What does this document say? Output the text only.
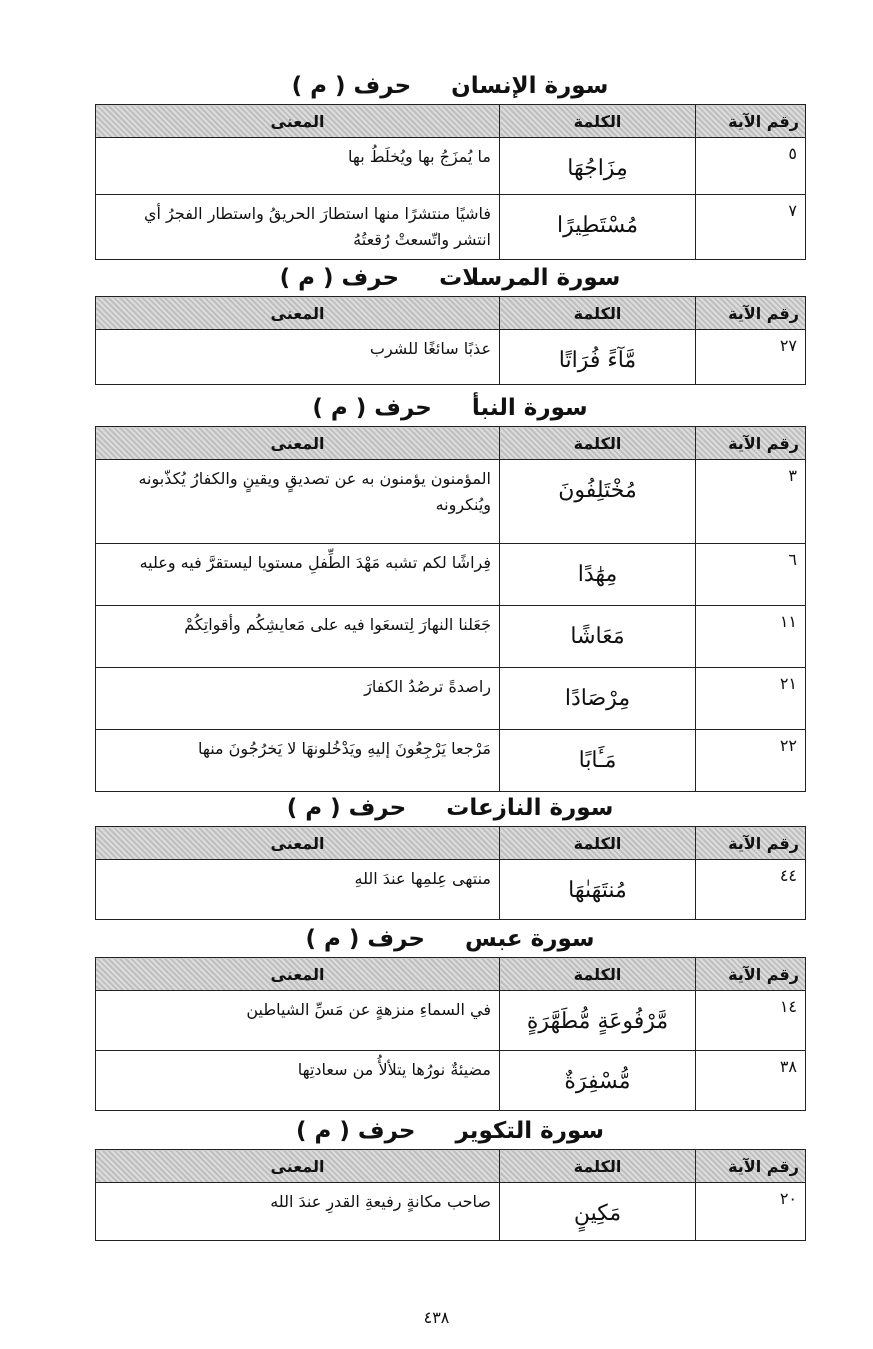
سورة الإنسانحرف ( م )
رقم الآية	الكلمة	المعنى
٥	مِزَاجُهَا	ما يُمزَجُ بها ويُخلَطُ بها
٧	مُسْتَطِيرًا	فاشيًا منتشرًا منها استطارَ الحريقُ واستطار الفجرُ أي انتشر واتّسعتْ رُقعتُهُ
سورة المرسلاتحرف ( م )
رقم الآية	الكلمة	المعنى
٢٧	مَّآءً فُرَاتًا	عذبًا سائغًا للشرب
سورة النبأحرف ( م )
رقم الآية	الكلمة	المعنى
٣	مُخْتَلِفُونَ	المؤمنون يؤمنون به عن تصديقٍ ويقينٍ والكفارُ يُكذّبونه ويُنكرونه
٦	مِهَٰدًا	فِراشًا لكم تشبه مَهْدَ الطِّفلِ مستويا ليستقرَّ فيه وعليه
١١	مَعَاشًا	جَعَلنا النهارَ لِتسعَوا فيه على مَعايشِكُم وأقواتِكُمْ
٢١	مِرْصَادًا	راصدةً ترصُدُ الكفارَ
٢٢	مَـَٔابًا	مَرْجعا يَرْجِعُونَ إليهِ ويَدْخُلونهَا لا يَخرُجُونَ منها
سورة النازعاتحرف ( م )
رقم الآية	الكلمة	المعنى
٤٤	مُنتَهَىٰهَا	منتهى عِلمِها عندَ اللهِ
سورة عبسحرف ( م )
رقم الآية	الكلمة	المعنى
١٤	مَّرْفُوعَةٍ مُّطَهَّرَةٍ	في السماءِ منزهةٍ عن مَسِّ الشياطين
٣٨	مُّسْفِرَةٌ	مضيئةٌ نورُها يتلألأُ من سعادتِها
سورة التكويرحرف ( م )
رقم الآية	الكلمة	المعنى
٢٠	مَكِينٍ	صاحب مكانةٍ رفيعةِ القدرِ عندَ الله
٤٣٨
